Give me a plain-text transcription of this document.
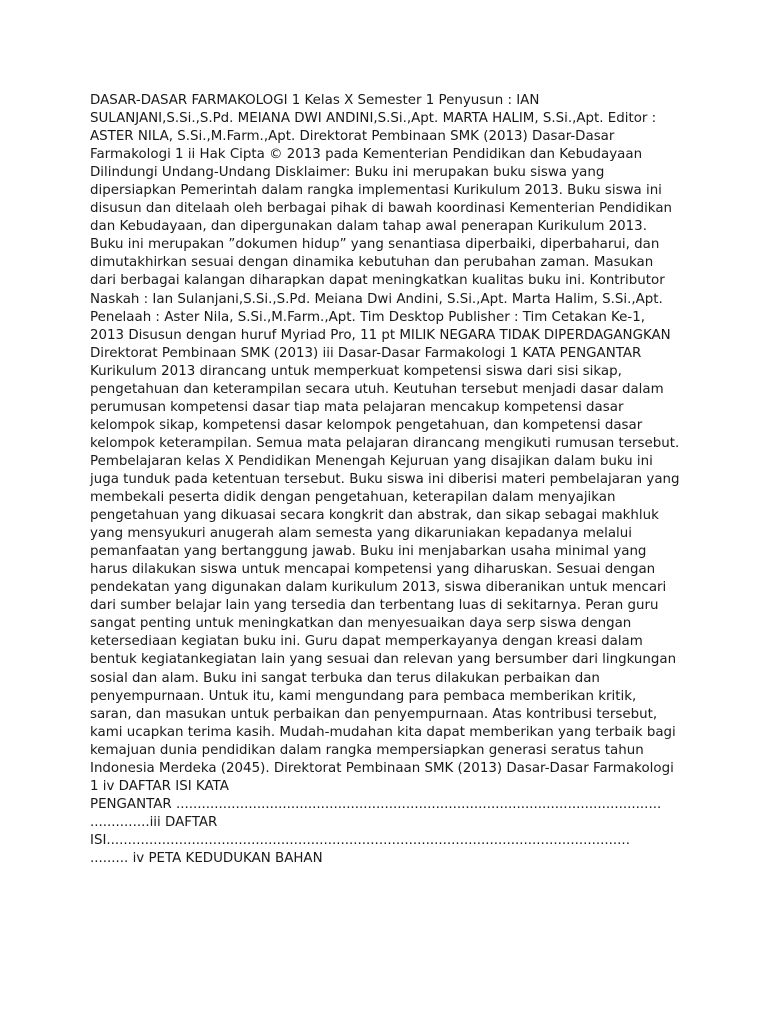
DASAR-DASAR FARMAKOLOGI 1 Kelas X Semester 1 Penyusun : IAN SULANJANI,S.Si.,S.Pd. MEIANA DWI ANDINI,S.Si.,Apt. MARTA HALIM, S.Si.,Apt. Editor : ASTER NILA, S.Si.,M.Farm.,Apt. Direktorat Pembinaan SMK (2013) Dasar-Dasar Farmakologi 1 ii Hak Cipta © 2013 pada Kementerian Pendidikan dan Kebudayaan Dilindungi Undang-Undang Disklaimer: Buku ini merupakan buku siswa yang dipersiapkan Pemerintah dalam rangka implementasi Kurikulum 2013. Buku siswa ini disusun dan ditelaah oleh berbagai pihak di bawah koordinasi Kementerian Pendidikan dan Kebudayaan, dan dipergunakan dalam tahap awal penerapan Kurikulum 2013. Buku ini merupakan ”dokumen hidup” yang senantiasa diperbaiki, diperbaharui, dan dimutakhirkan sesuai dengan dinamika kebutuhan dan perubahan zaman. Masukan dari berbagai kalangan diharapkan dapat meningkatkan kualitas buku ini. Kontributor Naskah : Ian Sulanjani,S.Si.,S.Pd. Meiana Dwi Andini, S.Si.,Apt. Marta Halim, S.Si.,Apt. Penelaah : Aster Nila, S.Si.,M.Farm.,Apt. Tim Desktop Publisher : Tim Cetakan Ke-1, 2013 Disusun dengan huruf Myriad Pro, 11 pt MILIK NEGARA TIDAK DIPERDAGANGKAN Direktorat Pembinaan SMK (2013) iii Dasar-Dasar Farmakologi 1 KATA PENGANTAR Kurikulum 2013 dirancang untuk memperkuat kompetensi siswa dari sisi sikap, pengetahuan dan keterampilan secara utuh. Keutuhan tersebut menjadi dasar dalam perumusan kompetensi dasar tiap mata pelajaran mencakup kompetensi dasar kelompok sikap, kompetensi dasar kelompok pengetahuan, dan kompetensi dasar kelompok keterampilan. Semua mata pelajaran dirancang mengikuti rumusan tersebut. Pembelajaran kelas X Pendidikan Menengah Kejuruan yang disajikan dalam buku ini juga tunduk pada ketentuan tersebut. Buku siswa ini diberisi materi pembelajaran yang membekali peserta didik dengan pengetahuan, keterapilan dalam menyajikan pengetahuan yang dikuasai secara kongkrit dan abstrak, dan sikap sebagai makhluk yang mensyukuri anugerah alam semesta yang dikaruniakan kepadanya melalui pemanfaatan yang bertanggung jawab. Buku ini menjabarkan usaha minimal yang harus dilakukan siswa untuk mencapai kompetensi yang diharuskan. Sesuai dengan pendekatan yang digunakan dalam kurikulum 2013, siswa diberanikan untuk mencari dari sumber belajar lain yang tersedia dan terbentang luas di sekitarnya. Peran guru sangat penting untuk meningkatkan dan menyesuaikan daya serp siswa dengan ketersediaan kegiatan buku ini. Guru dapat memperkayanya dengan kreasi dalam bentuk kegiatankegiatan lain yang sesuai dan relevan yang bersumber dari lingkungan sosial dan alam. Buku ini sangat terbuka dan terus dilakukan perbaikan dan penyempurnaan. Untuk itu, kami mengundang para pembaca memberikan kritik, saran, dan masukan untuk perbaikan dan penyempurnaan. Atas kontribusi tersebut, kami ucapkan terima kasih. Mudah-mudahan kita dapat memberikan yang terbaik bagi kemajuan dunia pendidikan dalam rangka mempersiapkan generasi seratus tahun Indonesia Merdeka (2045). Direktorat Pembinaan SMK (2013) Dasar-Dasar Farmakologi 1 iv DAFTAR ISI KATA

PENGANTAR ..................................................................................................................

..............iii DAFTAR

ISI...........................................................................................................................

......... iv PETA KEDUDUKAN BAHAN
